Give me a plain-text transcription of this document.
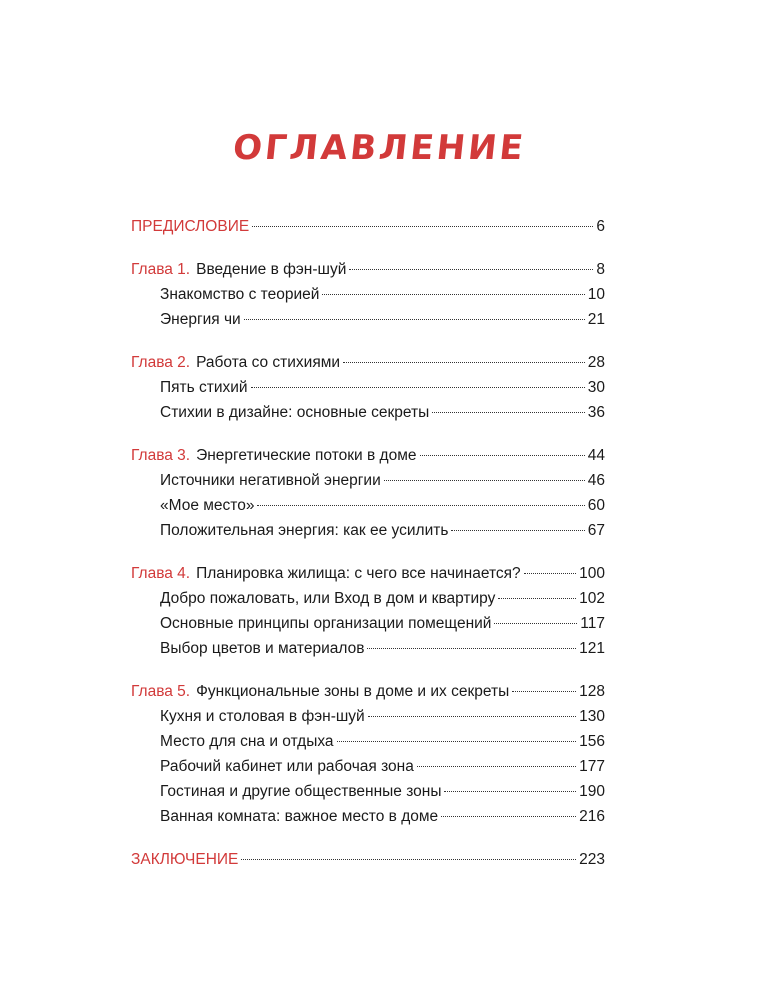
ОГЛАВЛЕНИЕ
ПРЕДИСЛОВИЕ	6
Глава 1. Введение в фэн-шуй	8
Знакомство с теорией	10
Энергия чи	21
Глава 2. Работа со стихиями	28
Пять стихий	30
Стихии в дизайне: основные секреты	36
Глава 3. Энергетические потоки в доме	44
Источники негативной энергии	46
«Мое место»	60
Положительная энергия: как ее усилить	67
Глава 4. Планировка жилища: с чего все начинается?	100
Добро пожаловать, или Вход в дом и квартиру	102
Основные принципы организации помещений	117
Выбор цветов и материалов	121
Глава 5. Функциональные зоны в доме и их секреты	128
Кухня и столовая в фэн-шуй	130
Место для сна и отдыха	156
Рабочий кабинет или рабочая зона	177
Гостиная и другие общественные зоны	190
Ванная комната: важное место в доме	216
ЗАКЛЮЧЕНИЕ	223
